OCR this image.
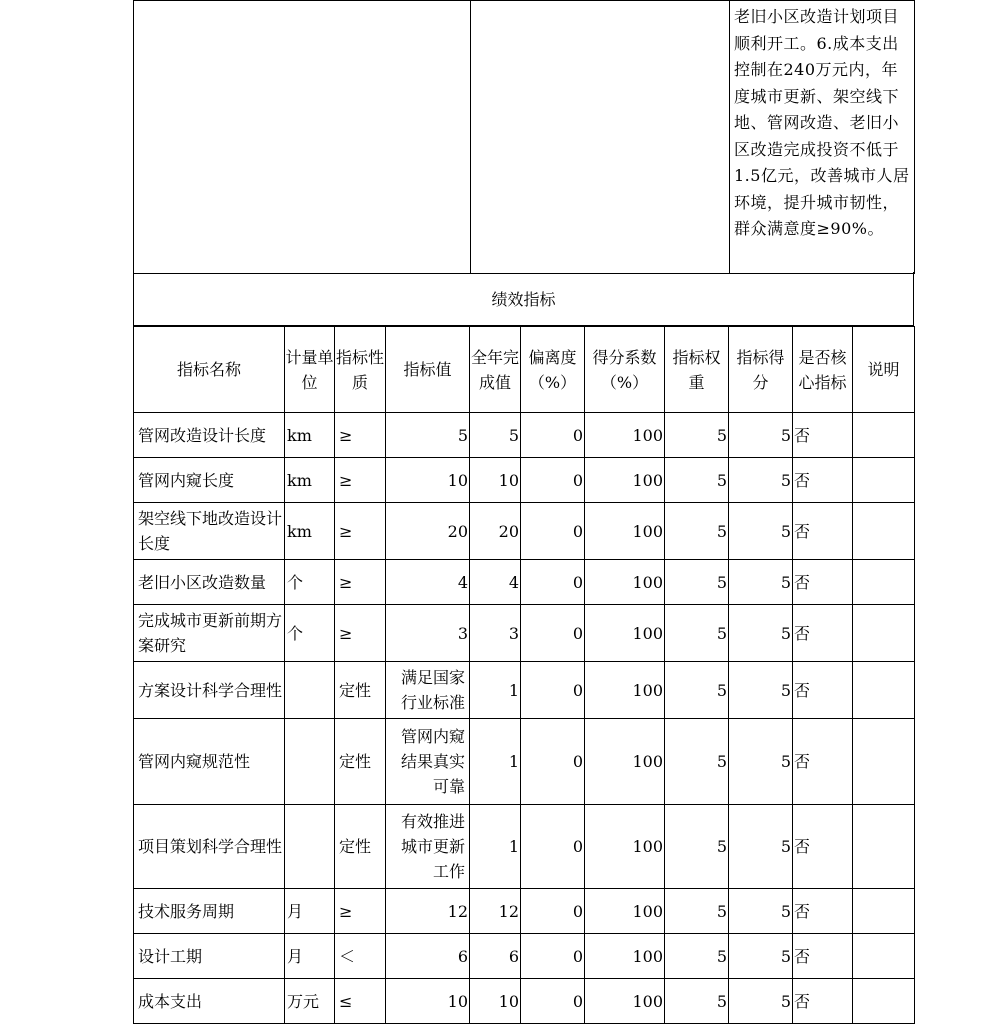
老旧小区改造计划项目顺利开工。6.成本支出控制在240万元内，年度城市更新、架空线下地、管网改造、老旧小区改造完成投资不低于1.5亿元，改善城市人居环境，提升城市韧性，群众满意度≥90%。
绩效指标
指标名称	计量单位	指标性质	指标值	全年完成值	偏离度（%）	得分系数（%）	指标权重	指标得分	是否核心指标	说明
管网改造设计长度	km	≥	5	5	0	100	5	5	否	
管网内窥长度	km	≥	10	10	0	100	5	5	否	
架空线下地改造设计长度	km	≥	20	20	0	100	5	5	否	
老旧小区改造数量	个	≥	4	4	0	100	5	5	否	
完成城市更新前期方案研究	个	≥	3	3	0	100	5	5	否	
方案设计科学合理性		定性	满足国家行业标准	1	0	100	5	5	否	
管网内窥规范性		定性	管网内窥结果真实可靠	1	0	100	5	5	否	
项目策划科学合理性		定性	有效推进城市更新工作	1	0	100	5	5	否	
技术服务周期	月	≥	12	12	0	100	5	5	否	
设计工期	月	＜	6	6	0	100	5	5	否	
成本支出	万元	≤	10	10	0	100	5	5	否	
